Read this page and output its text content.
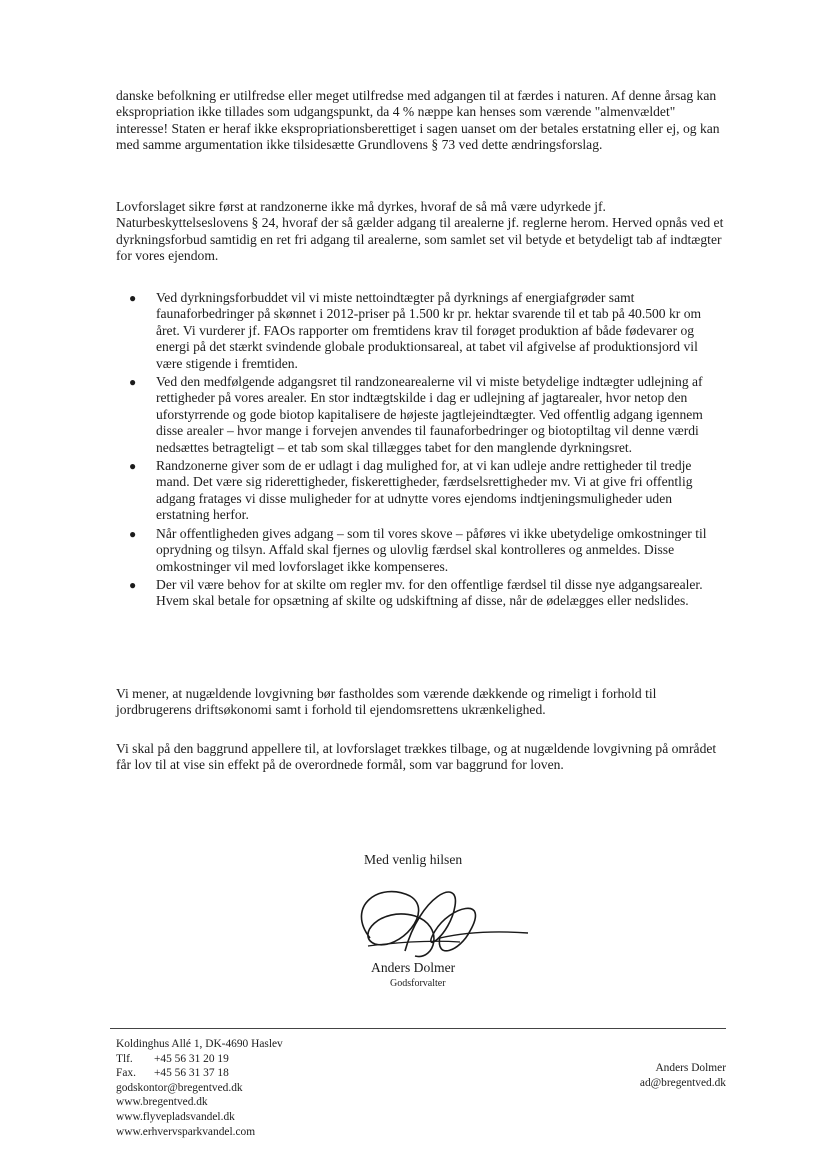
danske befolkning er utilfredse eller meget utilfredse med adgangen til at færdes i naturen. Af denne årsag kan ekspropriation ikke tillades som udgangspunkt, da 4 % næppe kan henses som værende "almenvældet" interesse! Staten er heraf ikke ekspropriationsberettiget i sagen uanset om der betales erstatning eller ej, og kan med samme argumentation ikke tilsidesætte Grundlovens § 73 ved dette ændringsforslag.

Lovforslaget sikre først at randzonerne ikke må dyrkes, hvoraf de så må være udyrkede jf. Naturbeskyttelseslovens § 24, hvoraf der så gælder adgang til arealerne jf. reglerne herom. Herved opnås ved et dyrkningsforbud samtidig en ret fri adgang til arealerne, som samlet set vil betyde et betydeligt tab af indtægter for vores ejendom.

● Ved dyrkningsforbuddet vil vi miste nettoindtægter på dyrknings af energiafgrøder samt faunaforbedringer på skønnet i 2012-priser på 1.500 kr pr. hektar svarende til et tab på 40.500 kr om året. Vi vurderer jf. FAOs rapporter om fremtidens krav til forøget produktion af både fødevarer og energi på det stærkt svindende globale produktionsareal, at tabet vil afgivelse af produktionsjord vil være stigende i fremtiden.
● Ved den medfølgende adgangsret til randzonearealerne vil vi miste betydelige indtægter udlejning af rettigheder på vores arealer. En stor indtægtskilde i dag er udlejning af jagtarealer, hvor netop den uforstyrrende og gode biotop kapitalisere de højeste jagtlejeindtægter. Ved offentlig adgang igennem disse arealer – hvor mange i forvejen anvendes til faunaforbedringer og biotoptiltag vil denne værdi nedsættes betragteligt – et tab som skal tillægges tabet for den manglende dyrkningsret.
● Randzonerne giver som de er udlagt i dag mulighed for, at vi kan udleje andre rettigheder til tredje mand. Det være sig riderettigheder, fiskerettigheder, færdselsrettigheder mv. Vi at give fri offentlig adgang fratages vi disse muligheder for at udnytte vores ejendoms indtjeningsmuligheder uden erstatning herfor.
● Når offentligheden gives adgang – som til vores skove – påføres vi ikke ubetydelige omkostninger til oprydning og tilsyn. Affald skal fjernes og ulovlig færdsel skal kontrolleres og anmeldes. Disse omkostninger vil med lovforslaget ikke kompenseres.
● Der vil være behov for at skilte om regler mv. for den offentlige færdsel til disse nye adgangsarealer. Hvem skal betale for opsætning af skilte og udskiftning af disse, når de ødelægges eller nedslides.

Vi mener, at nugældende lovgivning bør fastholdes som værende dækkende og rimeligt i forhold til jordbrugerens driftsøkonomi samt i forhold til ejendomsrettens ukrænkelighed.

Vi skal på den baggrund appellere til, at lovforslaget trækkes tilbage, og at nugældende lovgivning på området får lov til at vise sin effekt på de overordnede formål, som var baggrund for loven.

Med venlig hilsen
Anders Dolmer
Godsforvalter
Koldinghus Allé 1, DK-4690 Haslev
Tlf. +45 56 31 20 19
Fax. +45 56 31 37 18
godskontor@bregentved.dk
www.bregentved.dk
www.flyvepladsvandel.dk
www.erhvervsparkvandel.com
Anders Dolmer
ad@bregentved.dk
